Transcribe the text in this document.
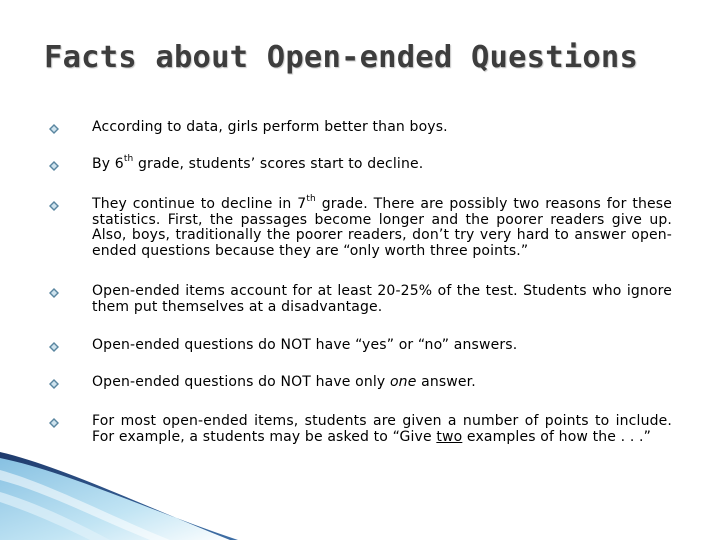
Facts about Open-ended Questions
According to data, girls perform better than boys.
By 6th grade, students’ scores start to decline.
They continue to decline in 7th grade. There are possibly two reasons for these statistics. First, the passages become longer and the poorer readers give up. Also, boys, traditionally the poorer readers, don’t try very hard to answer open-ended questions because they are “only worth three points.”
Open-ended items account for at least 20-25% of the test. Students who ignore them put themselves at a disadvantage.
Open-ended questions do NOT have “yes” or “no” answers.
Open-ended questions do NOT have only one answer.
For most open-ended items, students are given a number of points to include. For example, a students may be asked to “Give two examples of how the . . .”
